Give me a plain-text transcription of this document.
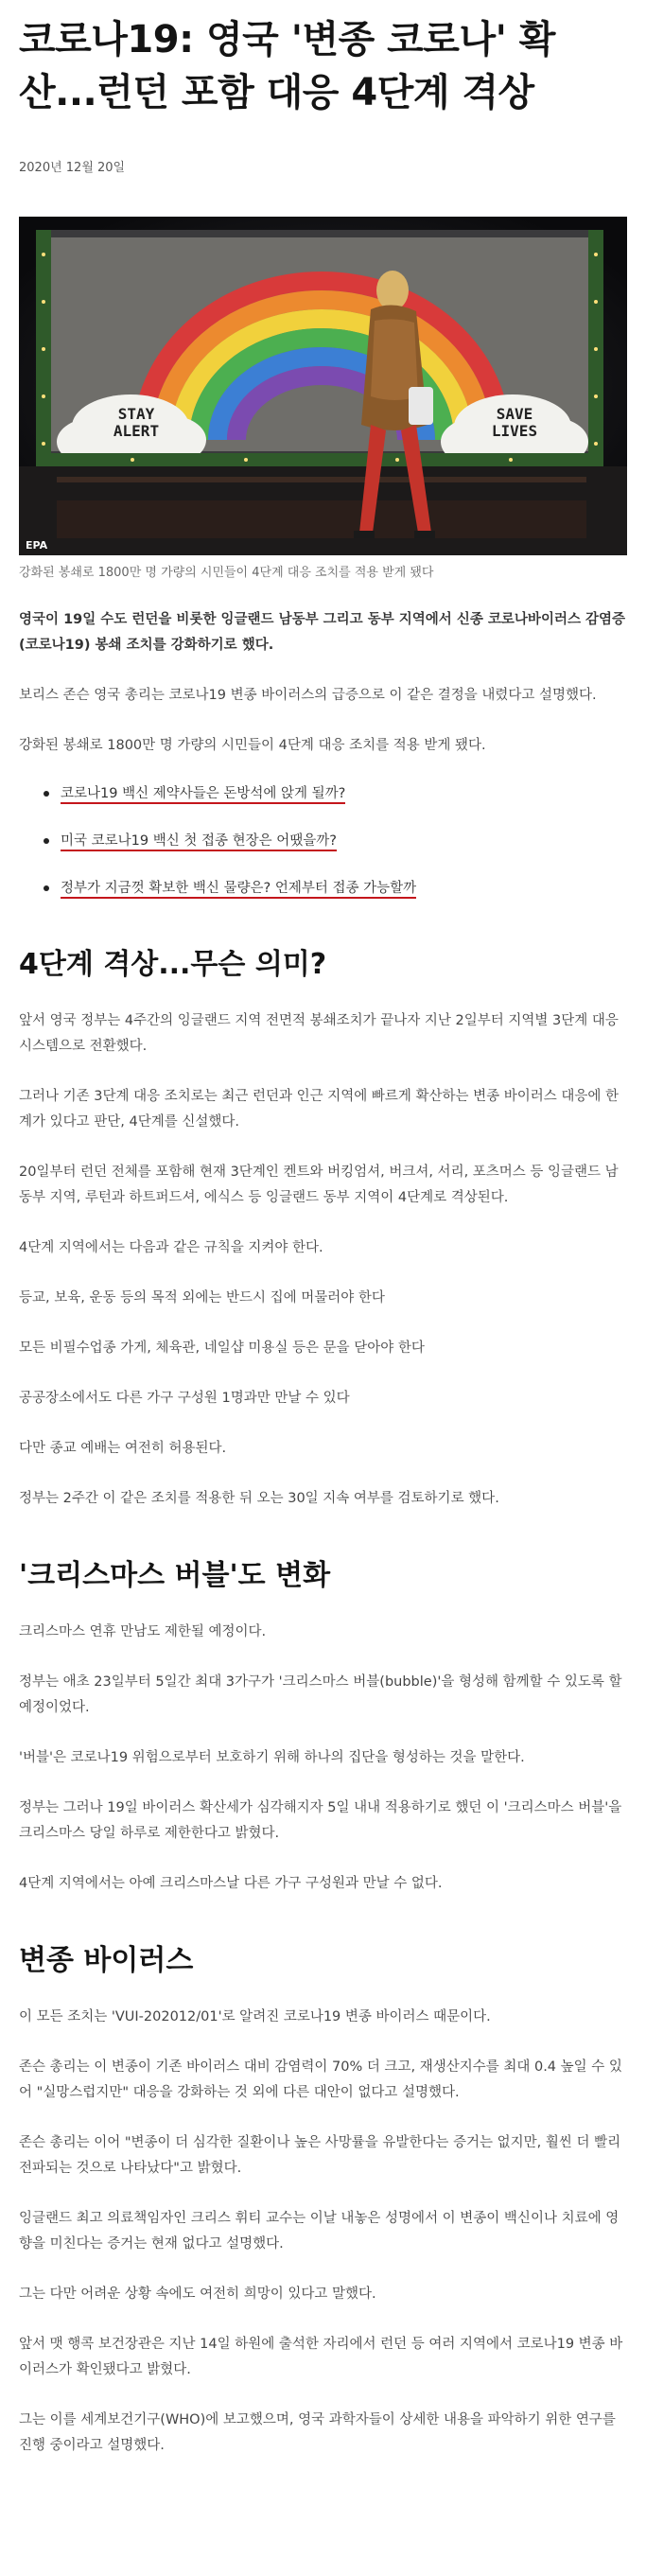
코로나19: 영국 '변종 코로나' 확산...런던 포함 대응 4단계 격상
2020년 12월 20일
STAY ALERT
SAVE LIVES
EPA
강화된 봉쇄로 1800만 명 가량의 시민들이 4단계 대응 조치를 적용 받게 됐다

영국이 19일 수도 런던을 비롯한 잉글랜드 남동부 그리고 동부 지역에서 신종 코로나바이러스 감염증(코로나19) 봉쇄 조치를 강화하기로 했다.

보리스 존슨 영국 총리는 코로나19 변종 바이러스의 급증으로 이 같은 결정을 내렸다고 설명했다.

강화된 봉쇄로 1800만 명 가량의 시민들이 4단계 대응 조치를 적용 받게 됐다.

코로나19 백신 제약사들은 돈방석에 앉게 될까?
미국 코로나19 백신 첫 접종 현장은 어땠을까?
정부가 지금껏 확보한 백신 물량은? 언제부터 접종 가능할까
4단계 격상...무슨 의미?

앞서 영국 정부는 4주간의 잉글랜드 지역 전면적 봉쇄조치가 끝나자 지난 2일부터 지역별 3단계 대응 시스템으로 전환했다.

그러나 기존 3단계 대응 조치로는 최근 런던과 인근 지역에 빠르게 확산하는 변종 바이러스 대응에 한계가 있다고 판단, 4단계를 신설했다.

20일부터 런던 전체를 포함해 현재 3단계인 켄트와 버킹엄셔, 버크셔, 서리, 포츠머스 등 잉글랜드 남동부 지역, 루턴과 하트퍼드셔, 에식스 등 잉글랜드 동부 지역이 4단계로 격상된다.

4단계 지역에서는 다음과 같은 규칙을 지켜야 한다.

등교, 보육, 운동 등의 목적 외에는 반드시 집에 머물러야 한다

모든 비필수업종 가게, 체육관, 네일샵 미용실 등은 문을 닫아야 한다

공공장소에서도 다른 가구 구성원 1명과만 만날 수 있다

다만 종교 예배는 여전히 허용된다.

정부는 2주간 이 같은 조치를 적용한 뒤 오는 30일 지속 여부를 검토하기로 했다.

'크리스마스 버블'도 변화

크리스마스 연휴 만남도 제한될 예정이다.

정부는 애초 23일부터 5일간 최대 3가구가 '크리스마스 버블(bubble)'을 형성해 함께할 수 있도록 할 예정이었다.

'버블'은 코로나19 위험으로부터 보호하기 위해 하나의 집단을 형성하는 것을 말한다.

정부는 그러나 19일 바이러스 확산세가 심각해지자 5일 내내 적용하기로 했던 이 '크리스마스 버블'을 크리스마스 당일 하루로 제한한다고 밝혔다.

4단계 지역에서는 아예 크리스마스날 다른 가구 구성원과 만날 수 없다.

변종 바이러스

이 모든 조치는 'VUI-202012/01'로 알려진 코로나19 변종 바이러스 때문이다.

존슨 총리는 이 변종이 기존 바이러스 대비 감염력이 70% 더 크고, 재생산지수를 최대 0.4 높일 수 있어 "실망스럽지만" 대응을 강화하는 것 외에 다른 대안이 없다고 설명했다.

존슨 총리는 이어 "변종이 더 심각한 질환이나 높은 사망률을 유발한다는 증거는 없지만, 훨씬 더 빨리 전파되는 것으로 나타났다"고 밝혔다.

잉글랜드 최고 의료책임자인 크리스 휘티 교수는 이날 내놓은 성명에서 이 변종이 백신이나 치료에 영향을 미친다는 증거는 현재 없다고 설명했다.

그는 다만 어려운 상황 속에도 여전히 희망이 있다고 말했다.

앞서 맷 행콕 보건장관은 지난 14일 하원에 출석한 자리에서 런던 등 여러 지역에서 코로나19 변종 바이러스가 확인됐다고 밝혔다.

그는 이를 세계보건기구(WHO)에 보고했으며, 영국 과학자들이 상세한 내용을 파악하기 위한 연구를 진행 중이라고 설명했다.
